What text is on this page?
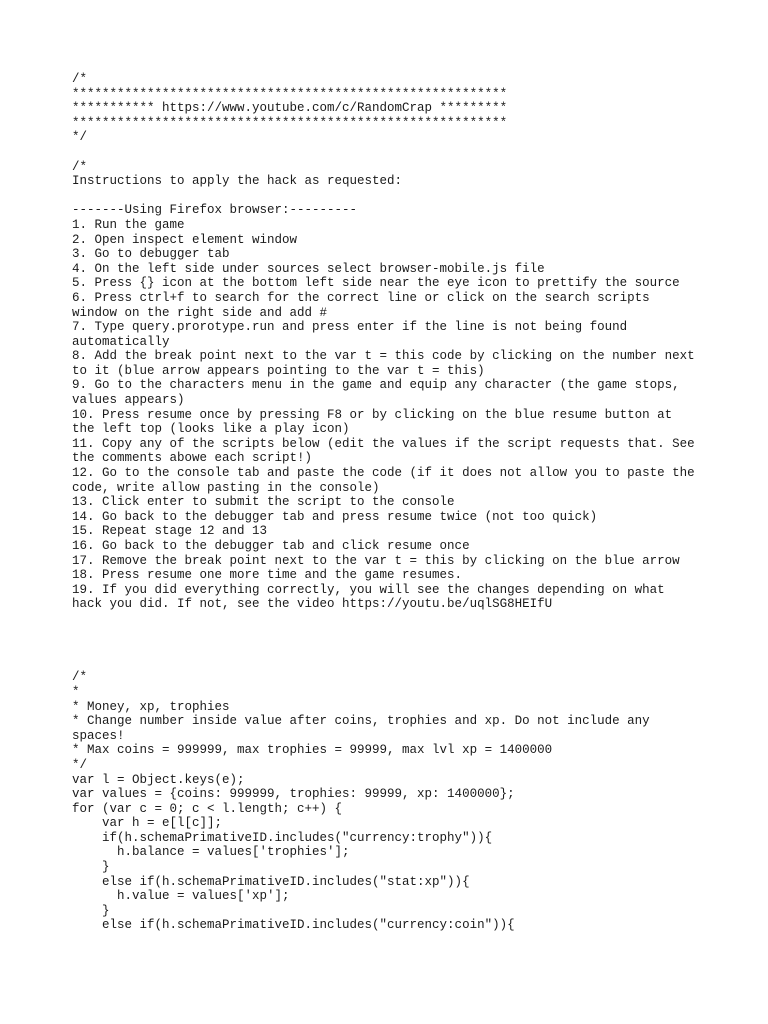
/*
**********************************************************
*********** https://www.youtube.com/c/RandomCrap *********
**********************************************************
*/
/*
Instructions to apply the hack as requested:
-------Using Firefox browser:---------
1. Run the game
2. Open inspect element window
3. Go to debugger tab
4. On the left side under sources select browser-mobile.js file
5. Press {} icon at the bottom left side near the eye icon to prettify the source
6. Press ctrl+f to search for the correct line or click on the search scripts
window on the right side and add #
7. Type query.prorotype.run and press enter if the line is not being found
automatically
8. Add the break point next to the var t = this code by clicking on the number next
to it (blue arrow appears pointing to the var t = this)
9. Go to the characters menu in the game and equip any character (the game stops,
values appears)
10. Press resume once by pressing F8 or by clicking on the blue resume button at
the left top (looks like a play icon)
11. Copy any of the scripts below (edit the values if the script requests that. See
the comments abowe each script!)
12. Go to the console tab and paste the code (if it does not allow you to paste the
code, write allow pasting in the console)
13. Click enter to submit the script to the console
14. Go back to the debugger tab and press resume twice (not too quick)
15. Repeat stage 12 and 13
16. Go back to the debugger tab and click resume once
17. Remove the break point next to the var t = this by clicking on the blue arrow
18. Press resume one more time and the game resumes.
19. If you did everything correctly, you will see the changes depending on what
hack you did. If not, see the video https://youtu.be/uqlSG8HEIfU
/*
*
* Money, xp, trophies
* Change number inside value after coins, trophies and xp. Do not include any
spaces!
* Max coins = 999999, max trophies = 99999, max lvl xp = 1400000
*/
var l = Object.keys(e);
var values = {coins: 999999, trophies: 99999, xp: 1400000};
for (var c = 0; c < l.length; c++) {
var h = e[l[c]];
if(h.schemaPrimativeID.includes("currency:trophy")){
h.balance = values['trophies'];
}
else if(h.schemaPrimativeID.includes("stat:xp")){
h.value = values['xp'];
}
else if(h.schemaPrimativeID.includes("currency:coin")){
